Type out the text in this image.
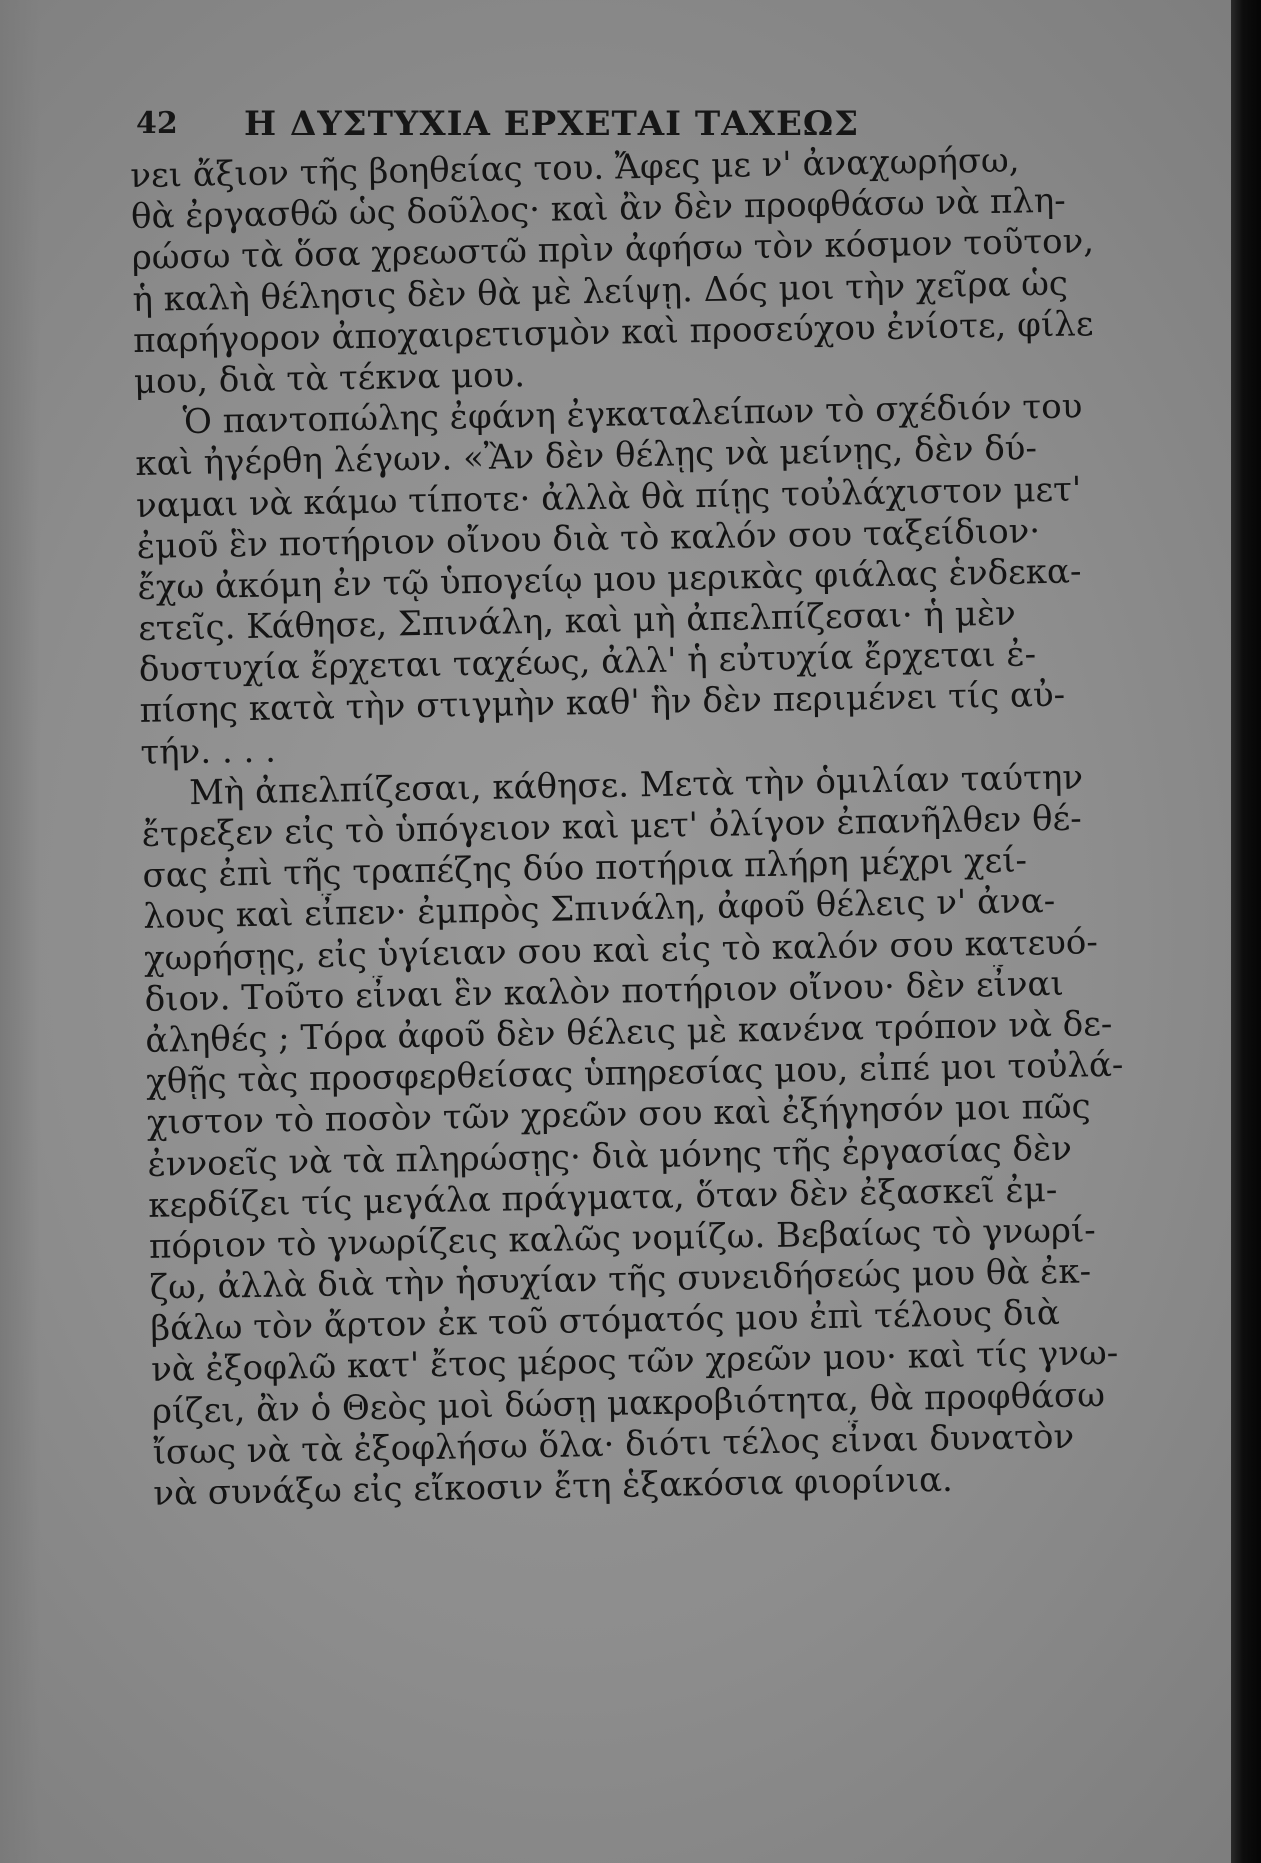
42 Η ΔΥΣΤΥΧΙΑ ΕΡΧΕΤΑΙ ΤΑΧΕΩΣ
νει ἄξιον τῆς βοηθείας του. Ἄφες με ν' ἀναχωρήσω,
θὰ ἐργασθῶ ὡς δοῦλος· καὶ ἂν δὲν προφθάσω νὰ πλη-
ρώσω τὰ ὅσα χρεωστῶ πρὶν ἀφήσω τὸν κόσμον τοῦτον,
ἡ καλὴ θέλησις δὲν θὰ μὲ λείψῃ. Δός μοι τὴν χεῖρα ὡς
παρήγορον ἀποχαιρετισμὸν καὶ προσεύχου ἐνίοτε, φίλε
μου, διὰ τὰ τέκνα μου.
Ὁ παντοπώλης ἐφάνη ἐγκαταλείπων τὸ σχέδιόν του
καὶ ἠγέρθη λέγων. «Ἂν δὲν θέλῃς νὰ μείνῃς, δὲν δύ-
ναμαι νὰ κάμω τίποτε· ἀλλὰ θὰ πίῃς τοὐλάχιστον μετ'
ἐμοῦ ἓν ποτήριον οἴνου διὰ τὸ καλόν σου ταξείδιον·
ἔχω ἀκόμη ἐν τῷ ὑπογείῳ μου μερικὰς φιάλας ἑνδεκα-
ετεῖς. Κάθησε, Σπινάλη, καὶ μὴ ἀπελπίζεσαι· ἡ μὲν
δυστυχία ἔρχεται ταχέως, ἀλλ' ἡ εὐτυχία ἔρχεται ἐ-
πίσης κατὰ τὴν στιγμὴν καθ' ἣν δὲν περιμένει τίς αὐ-
τήν. . . .
Μὴ ἀπελπίζεσαι, κάθησε. Μετὰ τὴν ὁμιλίαν ταύτην
ἔτρεξεν εἰς τὸ ὑπόγειον καὶ μετ' ὀλίγον ἐπανῆλθεν θέ-
σας ἐπὶ τῆς τραπέζης δύο ποτήρια πλήρη μέχρι χεί-
λους καὶ εἶπεν· ἐμπρὸς Σπινάλη, ἀφοῦ θέλεις ν' ἀνα-
χωρήσῃς, εἰς ὑγίειαν σου καὶ εἰς τὸ καλόν σου κατευό-
διον. Τοῦτο εἶναι ἓν καλὸν ποτήριον οἴνου· δὲν εἶναι
ἀληθές ; Τόρα ἀφοῦ δὲν θέλεις μὲ κανένα τρόπον νὰ δε-
χθῇς τὰς προσφερθείσας ὑπηρεσίας μου, εἰπέ μοι τοὐλά-
χιστον τὸ ποσὸν τῶν χρεῶν σου καὶ ἐξήγησόν μοι πῶς
ἐννοεῖς νὰ τὰ πληρώσῃς· διὰ μόνης τῆς ἐργασίας δὲν
κερδίζει τίς μεγάλα πράγματα, ὅταν δὲν ἐξασκεῖ ἐμ-
πόριον τὸ γνωρίζεις καλῶς νομίζω. Βεβαίως τὸ γνωρί-
ζω, ἀλλὰ διὰ τὴν ἡσυχίαν τῆς συνειδήσεώς μου θὰ ἐκ-
βάλω τὸν ἄρτον ἐκ τοῦ στόματός μου ἐπὶ τέλους διὰ
νὰ ἐξοφλῶ κατ' ἔτος μέρος τῶν χρεῶν μου· καὶ τίς γνω-
ρίζει, ἂν ὁ Θεὸς μοὶ δώσῃ μακροβιότητα, θὰ προφθάσω
ἴσως νὰ τὰ ἐξοφλήσω ὅλα· διότι τέλος εἶναι δυνατὸν
νὰ συνάξω εἰς εἴκοσιν ἔτη ἑξακόσια φιορίνια.
